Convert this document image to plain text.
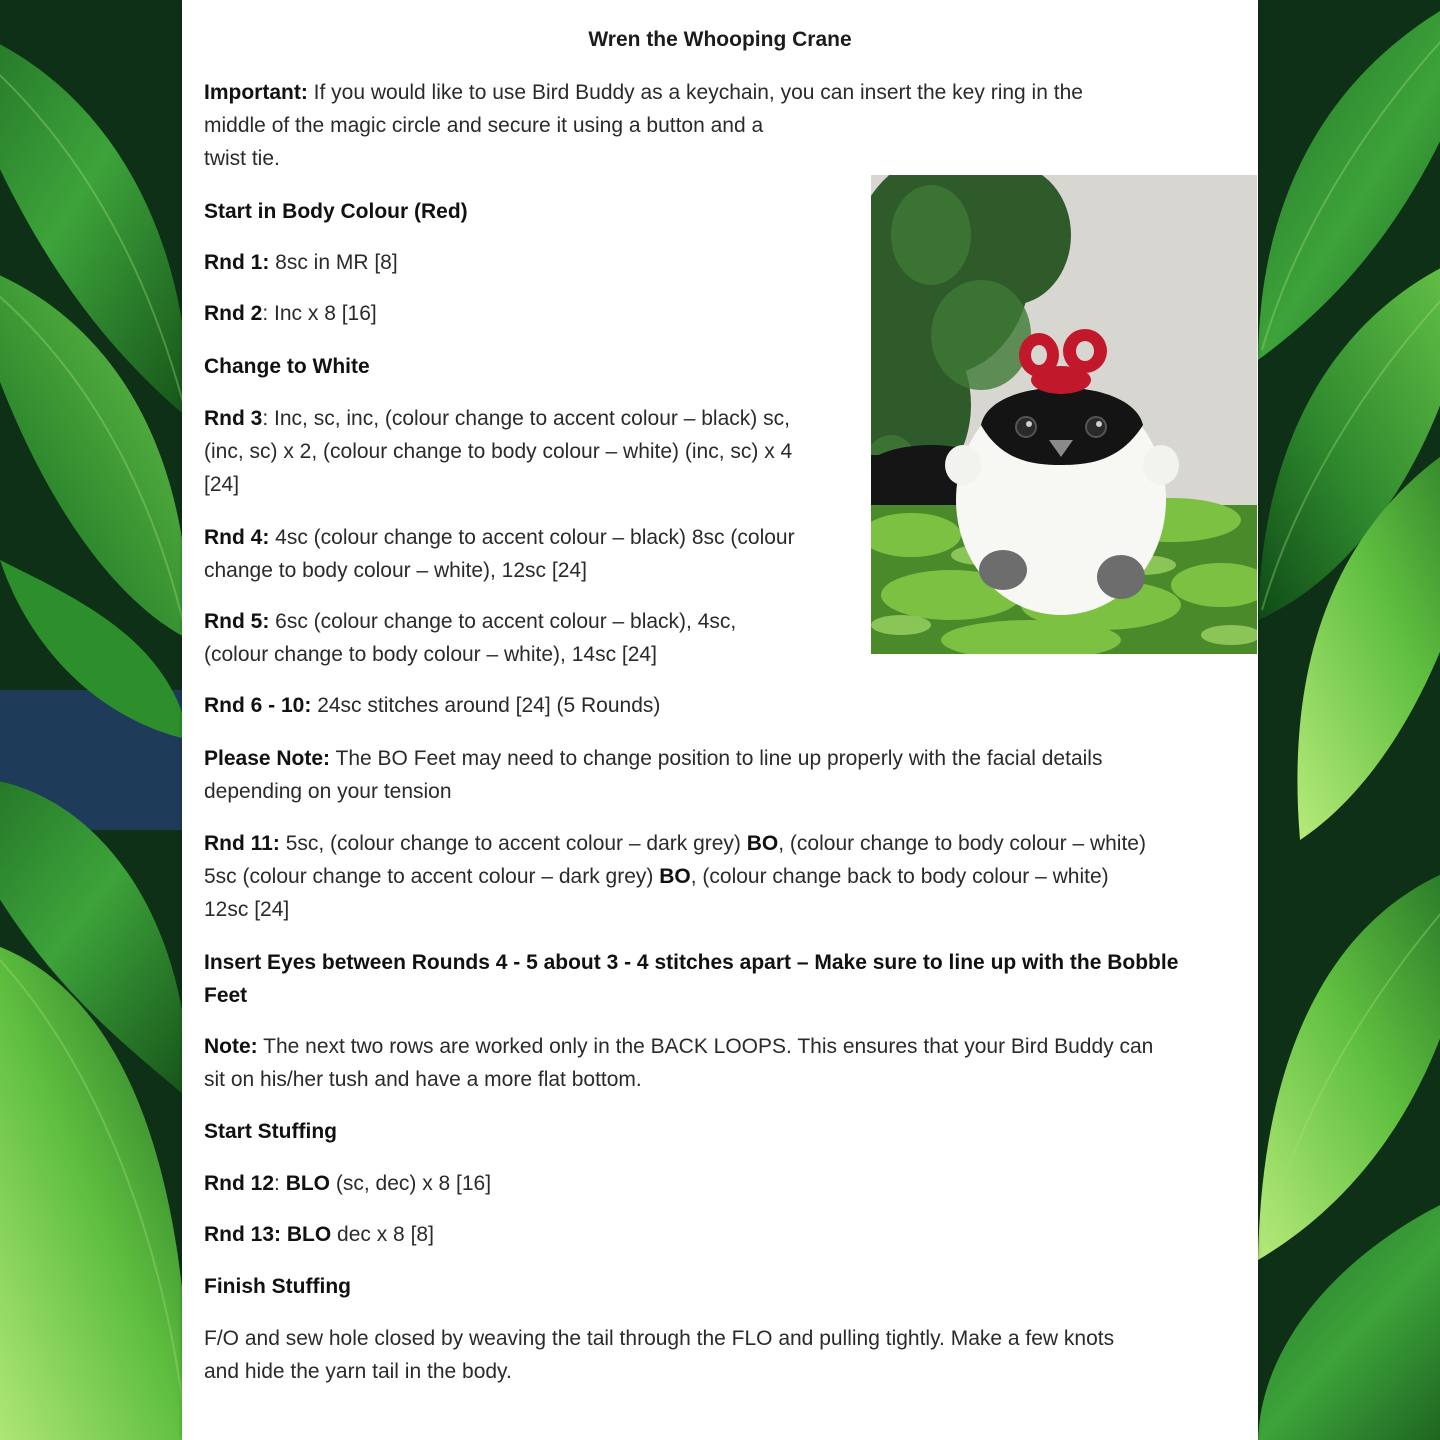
Wren the Whooping Crane

Important: If you would like to use Bird Buddy as a keychain, you can insert the key ring in the
middle of the magic circle and secure it using a button and a
twist tie.

Start in Body Colour (Red)

Rnd 1: 8sc in MR [8]

Rnd 2: Inc x 8 [16]

Change to White

Rnd 3: Inc, sc, inc, (colour change to accent colour – black) sc,
(inc, sc) x 2, (colour change to body colour – white) (inc, sc) x 4
[24]

Rnd 4: 4sc (colour change to accent colour – black) 8sc (colour
change to body colour – white), 12sc [24]

Rnd 5: 6sc (colour change to accent colour – black), 4sc,
(colour change to body colour – white), 14sc [24]

Rnd 6 - 10: 24sc stitches around [24] (5 Rounds)

Please Note: The BO Feet may need to change position to line up properly with the facial details
depending on your tension

Rnd 11: 5sc, (colour change to accent colour – dark grey) BO, (colour change to body colour – white)
5sc (colour change to accent colour – dark grey) BO, (colour change back to body colour – white)
12sc [24]

Insert Eyes between Rounds 4 - 5 about 3 - 4 stitches apart – Make sure to line up with the Bobble
Feet

Note: The next two rows are worked only in the BACK LOOPS. This ensures that your Bird Buddy can
sit on his/her tush and have a more flat bottom.

Start Stuffing

Rnd 12: BLO (sc, dec) x 8 [16]

Rnd 13: BLO dec x 8 [8]

Finish Stuffing

F/O and sew hole closed by weaving the tail through the FLO and pulling tightly. Make a few knots
and hide the yarn tail in the body.
